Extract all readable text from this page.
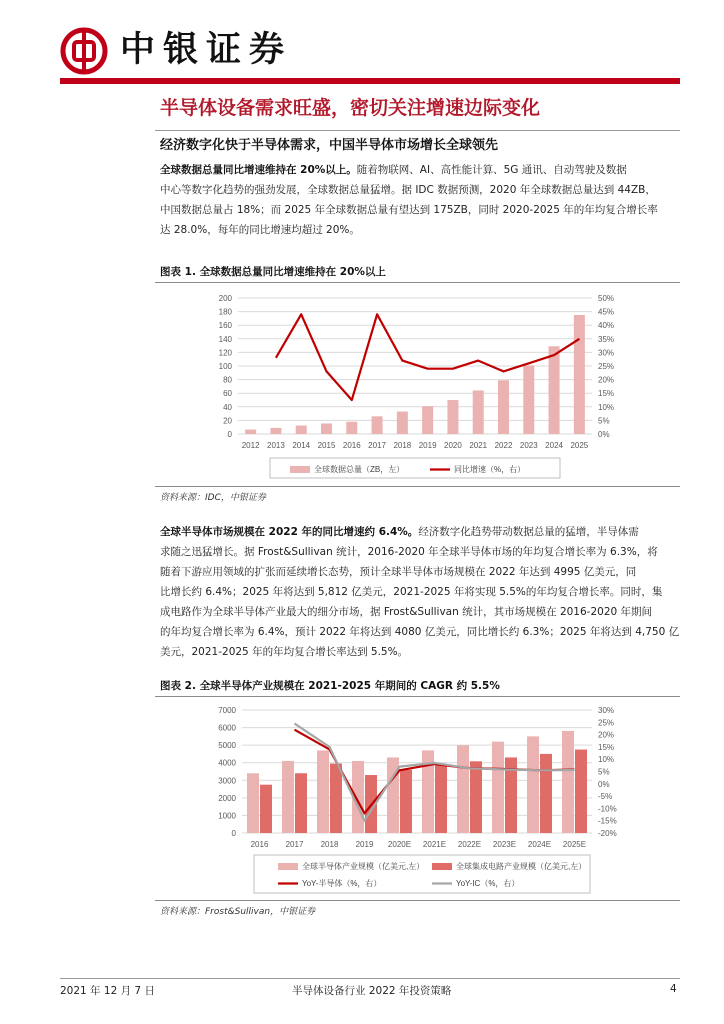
中银证券
半导体设备需求旺盛，密切关注增速边际变化
经济数字化快于半导体需求，中国半导体市场增长全球领先
全球数据总量同比增速维持在 20%以上。随着物联网、AI、高性能计算、5G 通讯、自动驾驶及数据
中心等数字化趋势的强劲发展，全球数据总量猛增。据 IDC 数据预测，2020 年全球数据总量达到 44ZB，
中国数据总量占 18%；而 2025 年全球数据总量有望达到 175ZB，同时 2020-2025 年的年均复合增长率
达 28.0%，每年的同比增速均超过 20%。
图表 1. 全球数据总量同比增速维持在 20%以上
0
20
40
60
80
100
120
140
160
180
200
0%
5%
10%
15%
20%
25%
30%
35%
40%
45%
50%
2012 2013 2014 2015 2016 2017 2018 2019 2020 2021 2022 2023 2024 2025
全球数据总量（ZB，左）	同比增速（%，右）
资料来源：IDC，中银证券
全球半导体市场规模在 2022 年的同比增速约 6.4%。经济数字化趋势带动数据总量的猛增，半导体需
求随之迅猛增长。据 Frost&Sullivan 统计，2016-2020 年全球半导体市场的年均复合增长率为 6.3%，将
随着下游应用领域的扩张而延续增长态势，预计全球半导体市场规模在 2022 年达到 4995 亿美元，同
比增长约 6.4%；2025 年将达到 5,812 亿美元，2021-2025 年将实现 5.5%的年均复合增长率。同时，集
成电路作为全球半导体产业最大的细分市场，据 Frost&Sullivan 统计，其市场规模在 2016-2020 年期间
的年均复合增长率为 6.4%，预计 2022 年将达到 4080 亿美元，同比增长约 6.3%；2025 年将达到 4,750 亿
美元，2021-2025 年的年均复合增长率达到 5.5%。
图表 2. 全球半导体产业规模在 2021-2025 年期间的 CAGR 约 5.5%
0
1000
2000
3000
4000
5000
6000
7000
-20%
-15%
-10%
-5%
0%
5%
10%
15%
20%
25%
30%
2016 2017 2018 2019 2020E 2021E 2022E 2023E 2024E 2025E
全球半导体产业规模（亿美元,左）	全球集成电路产业规模（亿美元,左）
YoY-半导体（%，右）	YoY-IC（%，右）
资料来源：Frost&Sullivan，中银证券
2021 年 12 月 7 日	半导体设备行业 2022 年投资策略	4
